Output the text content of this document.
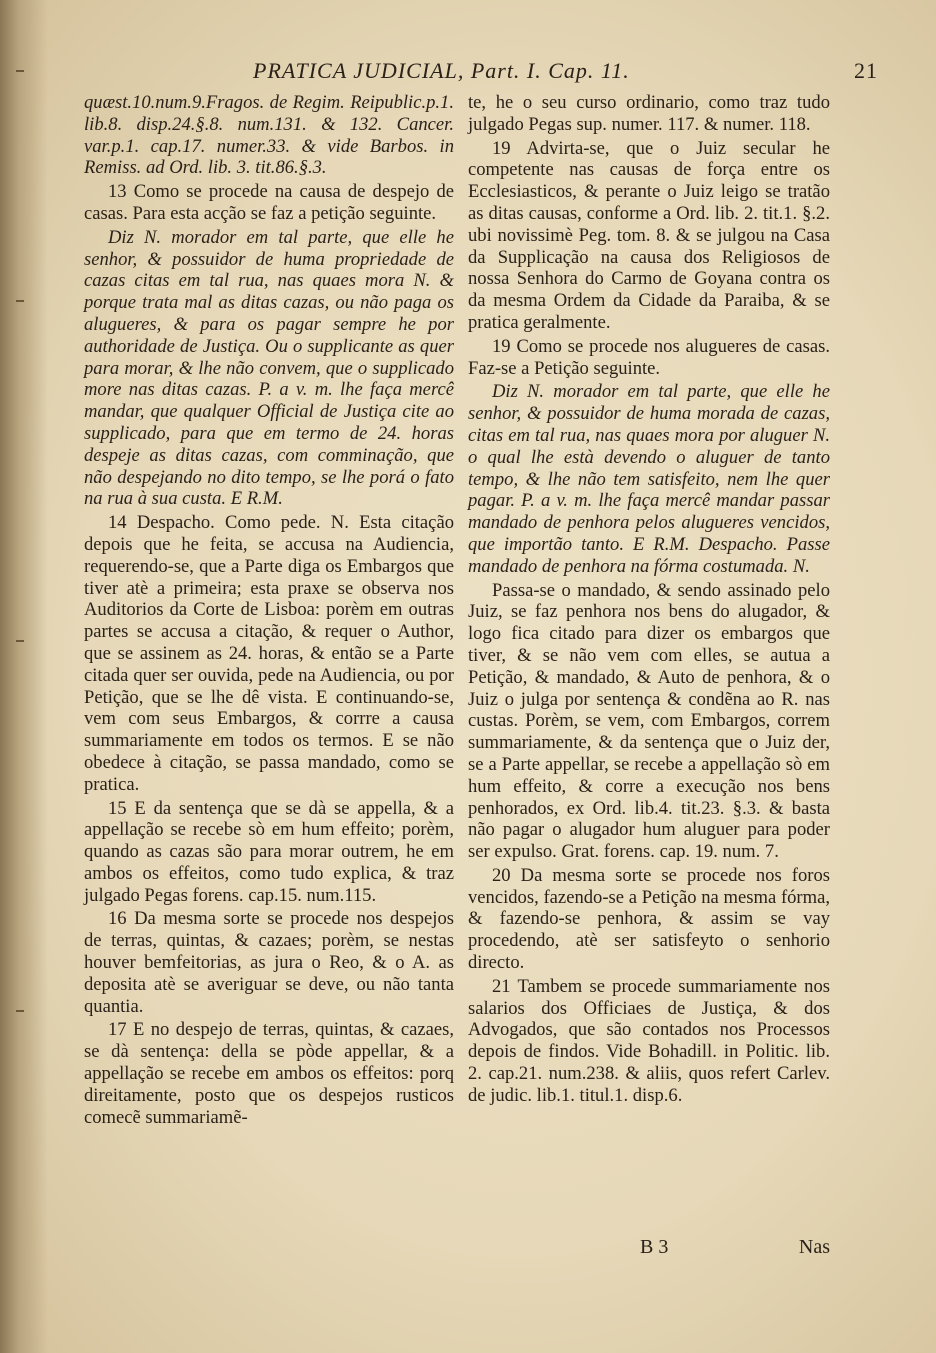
PRATICA JUDICIAL, Part. I. Cap. 11.	21

quæst.10.num.9.Fragos. de Regim. Reipublic.p.1. lib.8. disp.24.§.8. num.131. & 132. Cancer. var.p.1. cap.17. numer.33. & vide Barbos. in Remiss. ad Ord. lib. 3. tit.86.§.3.

13 Como se procede na causa de despejo de casas. Para esta acção se faz a petição seguinte.

Diz N. morador em tal parte, que elle he senhor, & possuidor de huma propriedade de cazas citas em tal rua, nas quaes mora N. & porque trata mal as ditas cazas, ou não paga os alugueres, & para os pagar sempre he por authoridade de Justiça. Ou o supplicante as quer para morar, & lhe não convem, que o supplicado more nas ditas cazas. P. a v. m. lhe faça mercê mandar, que qualquer Official de Justiça cite ao supplicado, para que em termo de 24. horas despeje as ditas cazas, com comminação, que não despejando no dito tempo, se lhe porá o fato na rua à sua custa. E R.M.

14 Despacho. Como pede. N. Esta citação depois que he feita, se accusa na Audiencia, requerendo-se, que a Parte diga os Embargos que tiver atè a primeira; esta praxe se observa nos Auditorios da Corte de Lisboa: porèm em outras partes se accusa a citação, & requer o Author, que se assinem as 24. horas, & então se a Parte citada quer ser ouvida, pede na Audiencia, ou por Petição, que se lhe dê vista. E continuando-se, vem com seus Embargos, & corrre a causa summariamente em todos os termos. E se não obedece à citação, se passa mandado, como se pratica.

15 E da sentença que se dà se appella, & a appellação se recebe sò em hum effeito; porèm, quando as cazas são para morar outrem, he em ambos os effeitos, como tudo explica, & traz julgado Pegas forens. cap.15. num.115.

16 Da mesma sorte se procede nos despejos de terras, quintas, & cazaes; porèm, se nestas houver bemfeitorias, as jura o Reo, & o A. as deposita atè se averiguar se deve, ou não tanta quantia.

17 E no despejo de terras, quintas, & cazaes, se dà sentença: della se pòde appellar, & a appellação se recebe em ambos os effeitos: porq direitamente, posto que os despejos rusticos comecẽ summariamẽ-

te, he o seu curso ordinario, como traz tudo julgado Pegas sup. numer. 117. & numer. 118.

19 Advirta-se, que o Juiz secular he competente nas causas de força entre os Ecclesiasticos, & perante o Juiz leigo se tratão as ditas causas, conforme a Ord. lib. 2. tit.1. §.2. ubi novissimè Peg. tom. 8. & se julgou na Casa da Supplicação na causa dos Religiosos de nossa Senhora do Carmo de Goyana contra os da mesma Ordem da Cidade da Paraiba, & se pratica geralmente.

19 Como se procede nos alugueres de casas. Faz-se a Petição seguinte.

Diz N. morador em tal parte, que elle he senhor, & possuidor de huma morada de cazas, citas em tal rua, nas quaes mora por aluguer N. o qual lhe està devendo o aluguer de tanto tempo, & lhe não tem satisfeito, nem lhe quer pagar. P. a v. m. lhe faça mercê mandar passar mandado de penhora pelos alugueres vencidos, que importão tanto. E R.M. Despacho. Passe mandado de penhora na fórma costumada. N.

Passa-se o mandado, & sendo assinado pelo Juiz, se faz penhora nos bens do alugador, & logo fica citado para dizer os embargos que tiver, & se não vem com elles, se autua a Petição, & mandado, & Auto de penhora, & o Juiz o julga por sentença & condẽna ao R. nas custas. Porèm, se vem, com Embargos, correm summariamente, & da sentença que o Juiz der, se a Parte appellar, se recebe a appellação sò em hum effeito, & corre a execução nos bens penhorados, ex Ord. lib.4. tit.23. §.3. & basta não pagar o alugador hum aluguer para poder ser expulso. Grat. forens. cap. 19. num. 7.

20 Da mesma sorte se procede nos foros vencidos, fazendo-se a Petição na mesma fórma, & fazendo-se penhora, & assim se vay procedendo, atè ser satisfeyto o senhorio directo.

21 Tambem se procede summariamente nos salarios dos Officiaes de Justiça, & dos Advogados, que são contados nos Processos depois de findos. Vide Bohadill. in Politic. lib. 2. cap.21. num.238. & aliis, quos refert Carlev. de judic. lib.1. titul.1. disp.6.

B 3	Nas
